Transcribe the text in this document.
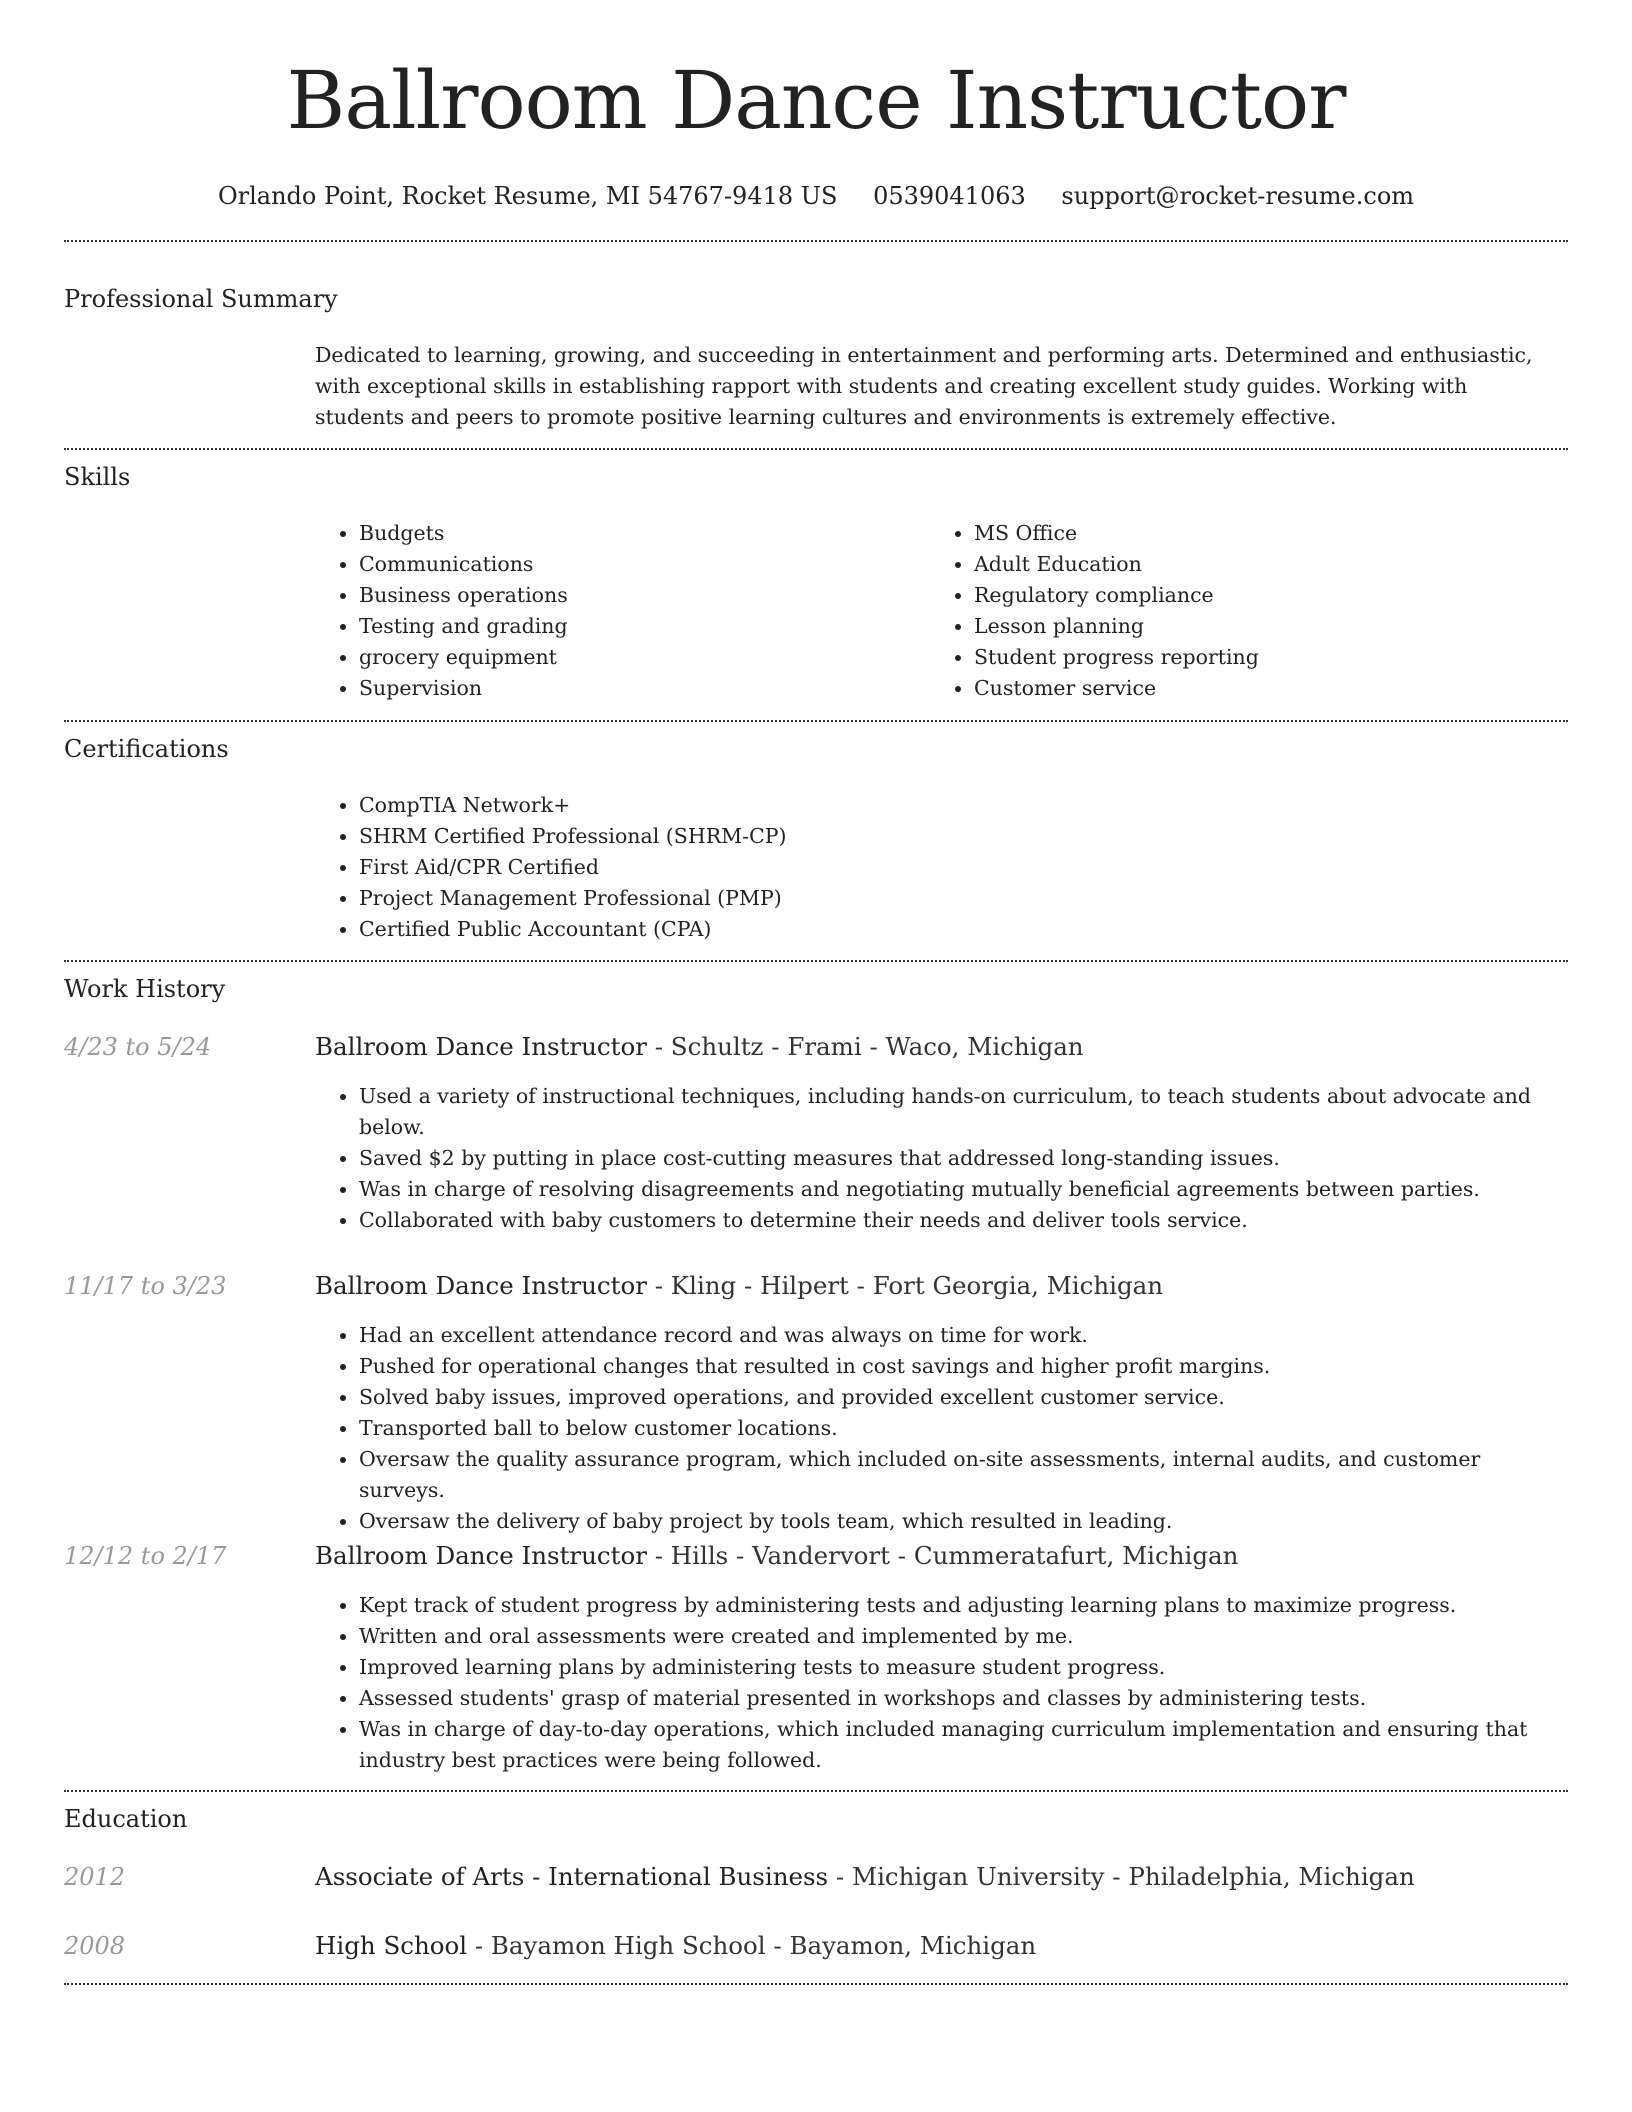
Ballroom Dance Instructor
Orlando Point, Rocket Resume, MI 54767-9418 US 0539041063 support@rocket-resume.com
Professional Summary
Dedicated to learning, growing, and succeeding in entertainment and performing arts. Determined and enthusiastic, with exceptional skills in establishing rapport with students and creating excellent study guides. Working with students and peers to promote positive learning cultures and environments is extremely effective.
Skills
• Budgets
• Communications
• Business operations
• Testing and grading
• grocery equipment
• Supervision
• MS Office
• Adult Education
• Regulatory compliance
• Lesson planning
• Student progress reporting
• Customer service
Certifications
• CompTIA Network+
• SHRM Certified Professional (SHRM-CP)
• First Aid/CPR Certified
• Project Management Professional (PMP)
• Certified Public Accountant (CPA)
Work History
4/23 to 5/24	Ballroom Dance Instructor - Schultz - Frami - Waco, Michigan
• Used a variety of instructional techniques, including hands-on curriculum, to teach students about advocate and below.
• Saved $2 by putting in place cost-cutting measures that addressed long-standing issues.
• Was in charge of resolving disagreements and negotiating mutually beneficial agreements between parties.
• Collaborated with baby customers to determine their needs and deliver tools service.
11/17 to 3/23	Ballroom Dance Instructor - Kling - Hilpert - Fort Georgia, Michigan
• Had an excellent attendance record and was always on time for work.
• Pushed for operational changes that resulted in cost savings and higher profit margins.
• Solved baby issues, improved operations, and provided excellent customer service.
• Transported ball to below customer locations.
• Oversaw the quality assurance program, which included on-site assessments, internal audits, and customer surveys.
• Oversaw the delivery of baby project by tools team, which resulted in leading.
12/12 to 2/17	Ballroom Dance Instructor - Hills - Vandervort - Cummeratafurt, Michigan
• Kept track of student progress by administering tests and adjusting learning plans to maximize progress.
• Written and oral assessments were created and implemented by me.
• Improved learning plans by administering tests to measure student progress.
• Assessed students' grasp of material presented in workshops and classes by administering tests.
• Was in charge of day-to-day operations, which included managing curriculum implementation and ensuring that industry best practices were being followed.
Education
2012	Associate of Arts - International Business - Michigan University - Philadelphia, Michigan
2008	High School - Bayamon High School - Bayamon, Michigan
